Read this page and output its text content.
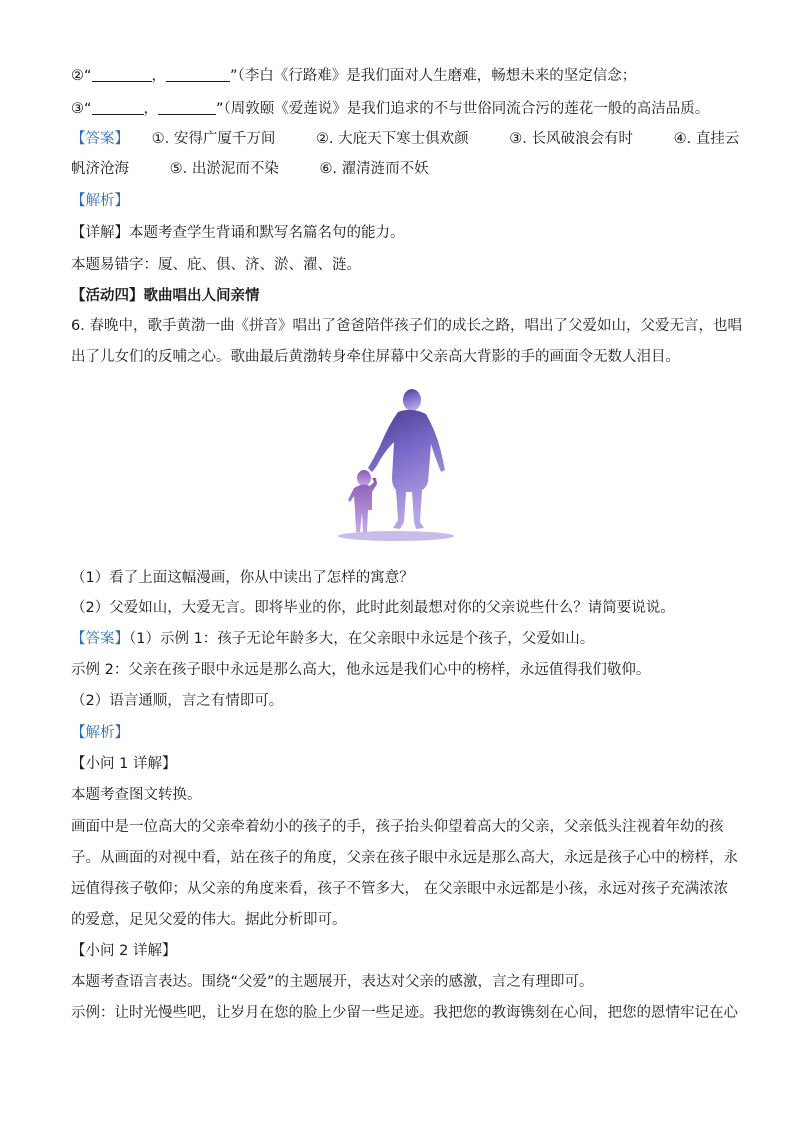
②“	，	”（李白《行路难》是我们面对人生磨难，畅想未来的坚定信念；
③“	，	”（周敦颐《爱莲说》是我们追求的不与世俗同流合污的莲花一般的高洁品质。
【答案】 ①. 安得广厦千万间	②. 大庇天下寒士俱欢颜	③. 长风破浪会有时	④. 直挂云
帆济沧海	⑤. 出淤泥而不染	⑥. 濯清涟而不妖
【解析】
【详解】本题考查学生背诵和默写名篇名句的能力。
本题易错字：厦、庇、俱、济、淤、濯、涟。
【活动四】歌曲唱出人间亲情
6. 春晚中，歌手黄渤一曲《拼音》唱出了爸爸陪伴孩子们的成长之路，唱出了父爱如山，父爱无言，也唱
出了儿女们的反哺之心。歌曲最后黄渤转身牵住屏幕中父亲高大背影的手的画面令无数人泪目。
（1）看了上面这幅漫画，你从中读出了怎样的寓意？
（2）父爱如山，大爱无言。即将毕业的你，此时此刻最想对你的父亲说些什么？请简要说说。
【答案】（1）示例 1：孩子无论年龄多大，在父亲眼中永远是个孩子，父爱如山。
示例 2：父亲在孩子眼中永远是那么高大，他永远是我们心中的榜样，永远值得我们敬仰。
（2）语言通顺，言之有情即可。
【解析】
【小问 1 详解】
本题考查图文转换。
画面中是一位高大的父亲牵着幼小的孩子的手，孩子抬头仰望着高大的父亲，父亲低头注视着年幼的孩
子。从画面的对视中看，站在孩子的角度，父亲在孩子眼中永远是那么高大，永远是孩子心中的榜样，永
远值得孩子敬仰；从父亲的角度来看，孩子不管多大， 在父亲眼中永远都是小孩，永远对孩子充满浓浓
的爱意，足见父爱的伟大。据此分析即可。
【小问 2 详解】
本题考查语言表达。围绕“父爱”的主题展开，表达对父亲的感激，言之有理即可。
示例：让时光慢些吧，让岁月在您的脸上少留一些足迹。我把您的教诲镌刻在心间，把您的恩情牢记在心
